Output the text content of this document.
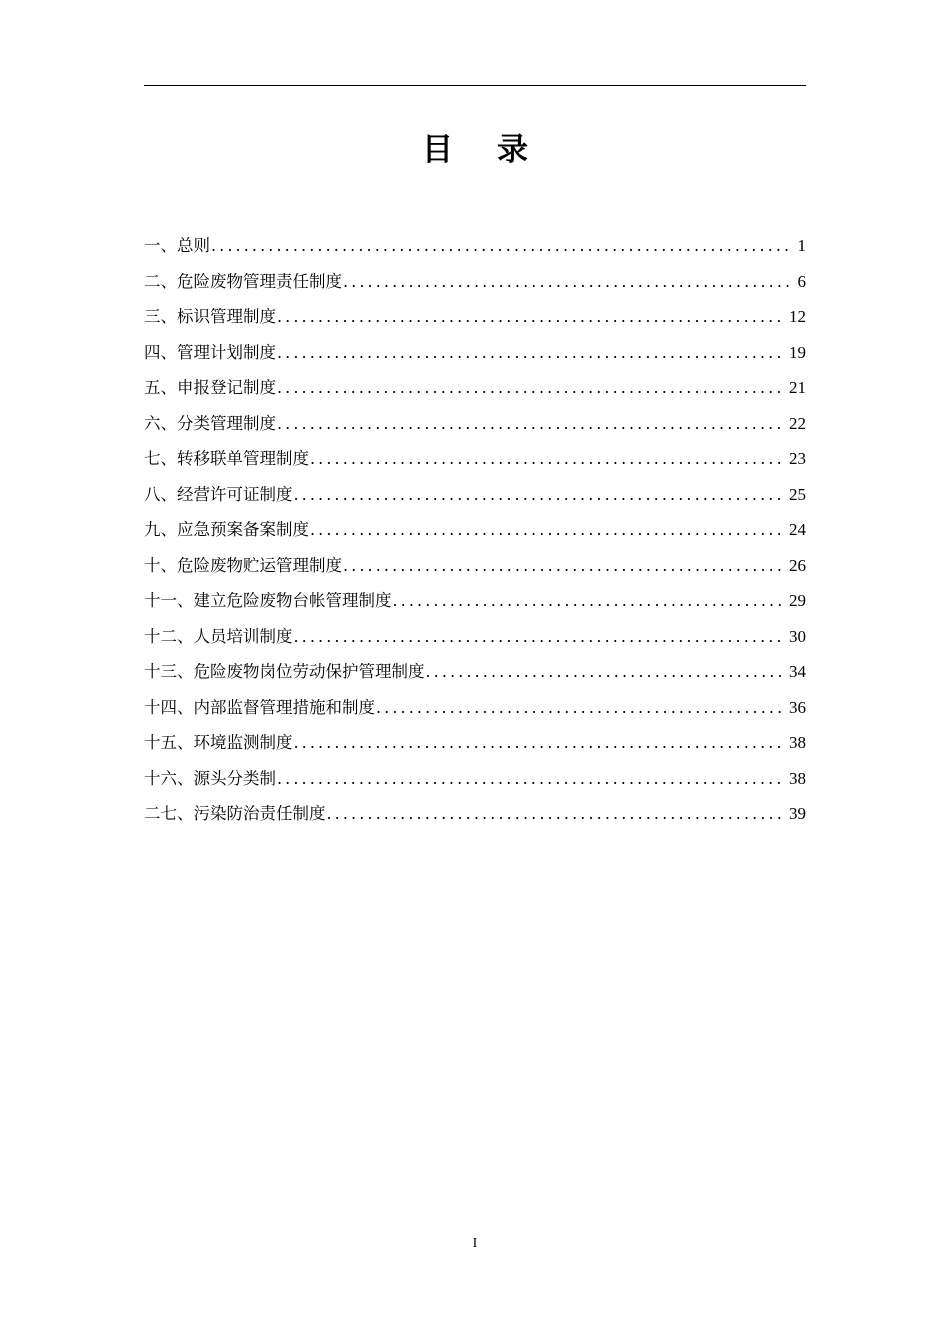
目录
一、总则 .....	1
二、危险废物管理责任制度 .....	6
三、标识管理制度 .....	12
四、管理计划制度 .....	19
五、申报登记制度 .....	21
六、分类管理制度 .....	22
七、转移联单管理制度 .....	23
八、经营许可证制度 .....	25
九、应急预案备案制度 .....	24
十、危险废物贮运管理制度 .....	26
十一、建立危险废物台帐管理制度 .....	29
十二、人员培训制度 .....	30
十三、危险废物岗位劳动保护管理制度 .....	34
十四、内部监督管理措施和制度 .....	36
十五、环境监测制度 .....	38
十六、源头分类制 .....	38
二七、污染防治责任制度 .....	39
I
